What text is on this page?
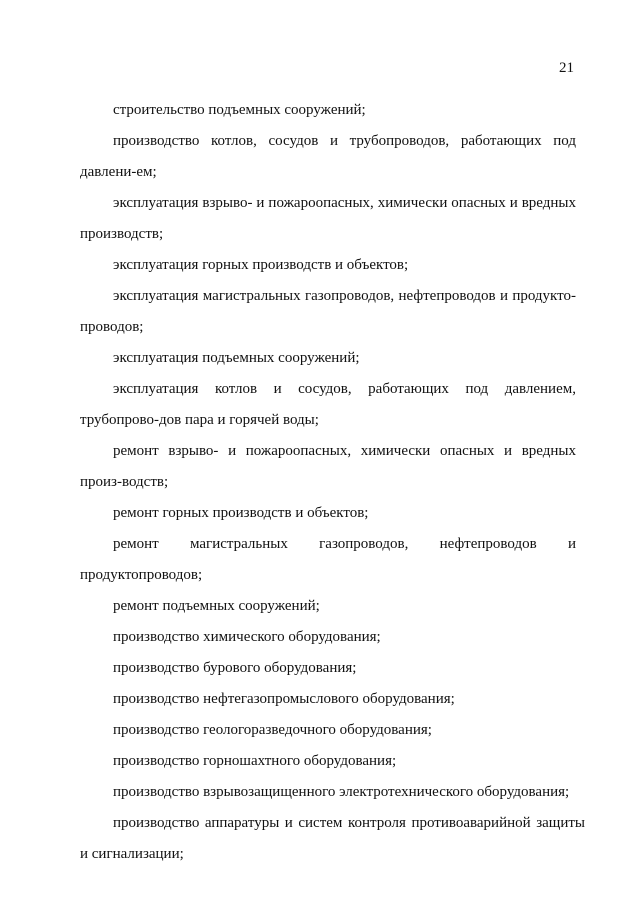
21

строительство подъемных сооружений;

производство котлов, сосудов и трубопроводов, работающих под давлени-ем;

эксплуатация взрыво- и пожароопасных, химически опасных и вредных производств;

эксплуатация горных производств и объектов;

эксплуатация магистральных газопроводов, нефтепроводов и продукто-проводов;

эксплуатация подъемных сооружений;

эксплуатация котлов и сосудов, работающих под давлением, трубопрово-дов пара и горячей воды;

ремонт взрыво- и пожароопасных, химически опасных и вредных произ-водств;

ремонт горных производств и объектов;

ремонт магистральных газопроводов, нефтепроводов и продуктопроводов;

ремонт подъемных сооружений;

производство химического оборудования;

производство бурового оборудования;

производство нефтегазопромыслового оборудования;

производство геологоразведочного оборудования;

производство горношахтного оборудования;

производство взрывозащищенного электротехнического оборудования;

производство аппаратуры и систем контроля противоаварийной защиты и сигнализации;
